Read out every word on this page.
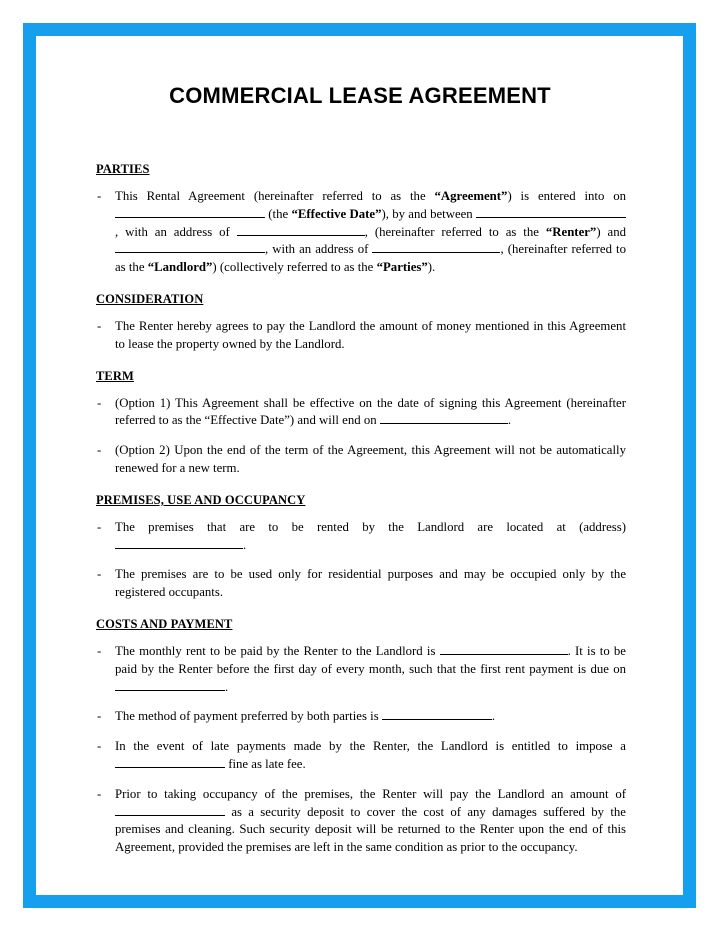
COMMERCIAL LEASE AGREEMENT
PARTIES
- This Rental Agreement (hereinafter referred to as the “Agreement”) is entered into on  (the “Effective Date”), by and between , with an address of	, (hereinafter referred to as the “Renter”) and , with an address of	, (hereinafter referred to as the “Landlord”) (collectively referred to as the “Parties”).
CONSIDERATION
- The Renter hereby agrees to pay the Landlord the amount of money mentioned in this Agreement to lease the property owned by the Landlord.
TERM
- (Option 1) This Agreement shall be effective on the date of signing this Agreement (hereinafter referred to as the “Effective Date”) and will end on	.
- (Option 2) Upon the end of the term of the Agreement, this Agreement will not be automatically renewed for a new term.
PREMISES, USE AND OCCUPANCY
- The premises that are to be rented by the Landlord are located at (address) .
- The premises are to be used only for residential purposes and may be occupied only by the registered occupants.
COSTS AND PAYMENT
- The monthly rent to be paid by the Renter to the Landlord is	. It is to be paid by the Renter before the first day of every month, such that the first rent payment is due on .
- The method of payment preferred by both parties is	.
- In the event of late payments made by the Renter, the Landlord is entitled to impose a  fine as late fee.
- Prior to taking occupancy of the premises, the Renter will pay the Landlord an amount of  as a security deposit to cover the cost of any damages suffered by the premises and cleaning. Such security deposit will be returned to the Renter upon the end of this Agreement, provided the premises are left in the same condition as prior to the occupancy.
